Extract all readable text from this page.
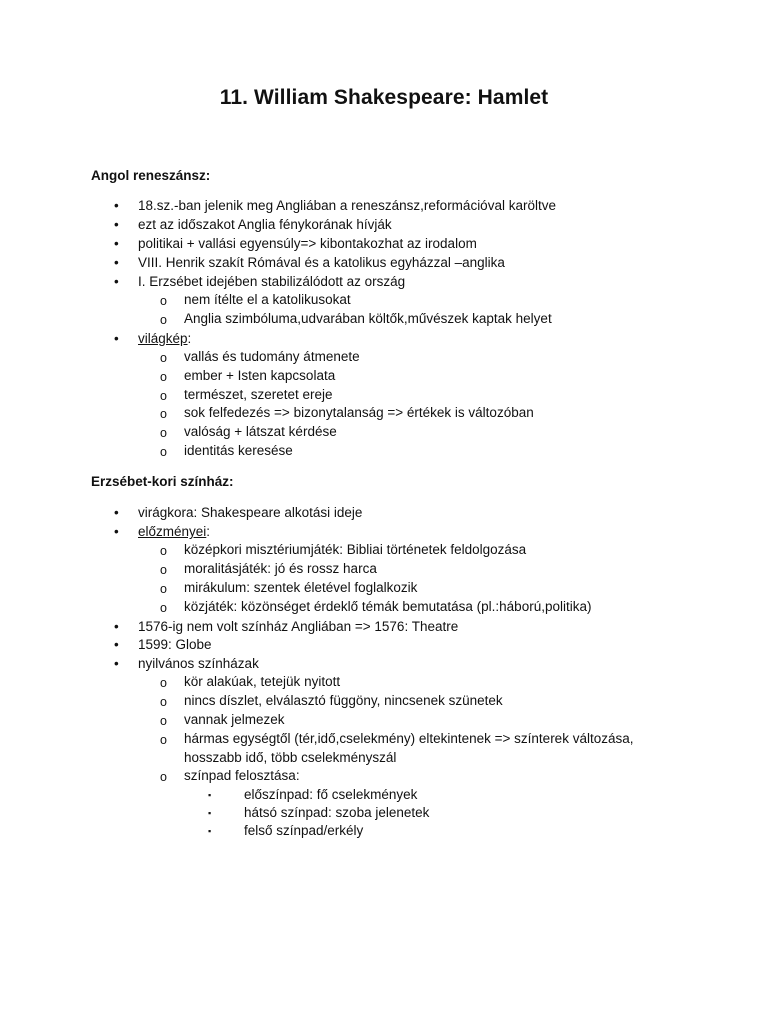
11. William Shakespeare: Hamlet
Angol reneszánsz:
• 18.sz.-ban jelenik meg Angliában a reneszánsz,reformációval karöltve
• ezt az időszakot Anglia fénykorának hívják
• politikai + vallási egyensúly=> kibontakozhat az irodalom
• VIII. Henrik szakít Rómával és a katolikus egyházzal –anglika
• I. Erzsébet idejében stabilizálódott az ország
o nem ítélte el a katolikusokat
o Anglia szimbóluma,udvarában költők,művészek kaptak helyet
• világkép:
o vallás és tudomány átmenete
o ember + Isten kapcsolata
o természet, szeretet ereje
o sok felfedezés => bizonytalanság => értékek is változóban
o valóság + látszat kérdése
o identitás keresése
Erzsébet-kori színház:
• virágkora: Shakespeare alkotási ideje
• előzményei:
o középkori misztériumjáték: Bibliai történetek feldolgozása
o moralitásjáték: jó és rossz harca
o mirákulum: szentek életével foglalkozik
o közjáték: közönséget érdeklő témák bemutatása (pl.:háború,politika)
• 1576-ig nem volt színház Angliában => 1576: Theatre
• 1599: Globe
• nyilvános színházak
o kör alakúak, tetejük nyitott
o nincs díszlet, elválasztó függöny, nincsenek szünetek
o vannak jelmezek
o hármas egységtől (tér,idő,cselekmény) eltekintenek => színterek változása,
hosszabb idő, több cselekményszál
o színpad felosztása:
▪ előszínpad: fő cselekmények
▪ hátsó színpad: szoba jelenetek
▪ felső színpad/erkély
